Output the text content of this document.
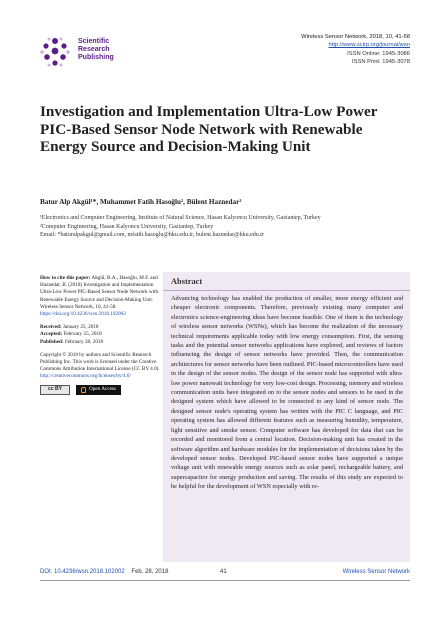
Scientific
Research
Publishing
Wireless Sensor Network, 2018, 10, 41-58
http://www.scirp.org/journal/wsn
ISSN Online: 1945-3086
ISSN Print: 1945-3078
Investigation and Implementation Ultra-Low Power PIC-Based Sensor Node Network with Renewable Energy Source and Decision-Making Unit
Batur Alp Akgül¹*, Muhammet Fatih Hasoğlu², Bülent Haznedar²
¹Electronics and Computer Engineering, Institute of Natural Science, Hasan Kalyoncu University, Gaziantep, Turkey
²Computer Engineering, Hasan Kalyoncu University, Gaziantep, Turkey
Email: *baturalpakgul@gmail.com, mfatih.hasoglu@hku.edu.tr, bulent.haznedar@hku.edu.tr
How to cite this paper: Akgül, B.A., Hasoğlu, M.F. and Haznedar, B. (2018) Investigation and Implementation Ultra-Low Power PIC-Based Sensor Node Network with Renewable Energy Source and Decision-Making Unit. Wireless Sensor Network, 10, 41-58.
https://doi.org/10.4236/wsn.2018.102002
Received: January 25, 2018
Accepted: February 25, 2018
Published: February 28, 2018
Copyright © 2018 by authors and Scientific Research Publishing Inc. This work is licensed under the Creative Commons Attribution International License (CC BY 4.0).
http://creativecommons.org/licenses/by/4.0/
cc BY	Open Access
Abstract

Advancing technology has enabled the production of smaller, more energy efficient and cheaper electronic components. Therefore, previously existing many computer and electronics science-engineering ideas have become feasible. One of them is the technology of wireless sensor networks (WSNs), which has become the realization of the necessary technical requirements applicable today with low energy consumption. First, the sensing tasks and the potential sensor networks applications have explored, and reviews of factors influencing the design of sensor networks have provided. Then, the communication architectures for sensor networks have been outlined. PIC-based microcontrollers have used in the design of the sensor nodes. The design of the sensor node has supported with ultra-low power nanowatt technology for very low-cost design. Processing, memory and wireless communication units have integrated on to the sensor nodes and sensors to be used in the designed system which have allowed to be connected to any kind of sensor node. The designed sensor node's operating system has written with the PIC C language, and PIC operating system has allowed different features such as measuring humidity, temperature, light sensitive and smoke sensor. Computer software has developed for data that can be recorded and monitored from a central location. Decision-making unit has created in the software algorithm and hardware modules for the implementation of decisions taken by the developed sensor nodes. Developed PIC-based sensor nodes have supported a unique voltage unit with renewable energy sources such as solar panel, rechargeable battery, and supercapacitor for energy production and saving. The results of this study are expected to be helpful for the development of WSN especially with re-

DOI: 10.4236/wsn.2018.102002 Feb. 28, 2018	41	Wireless Sensor Network
